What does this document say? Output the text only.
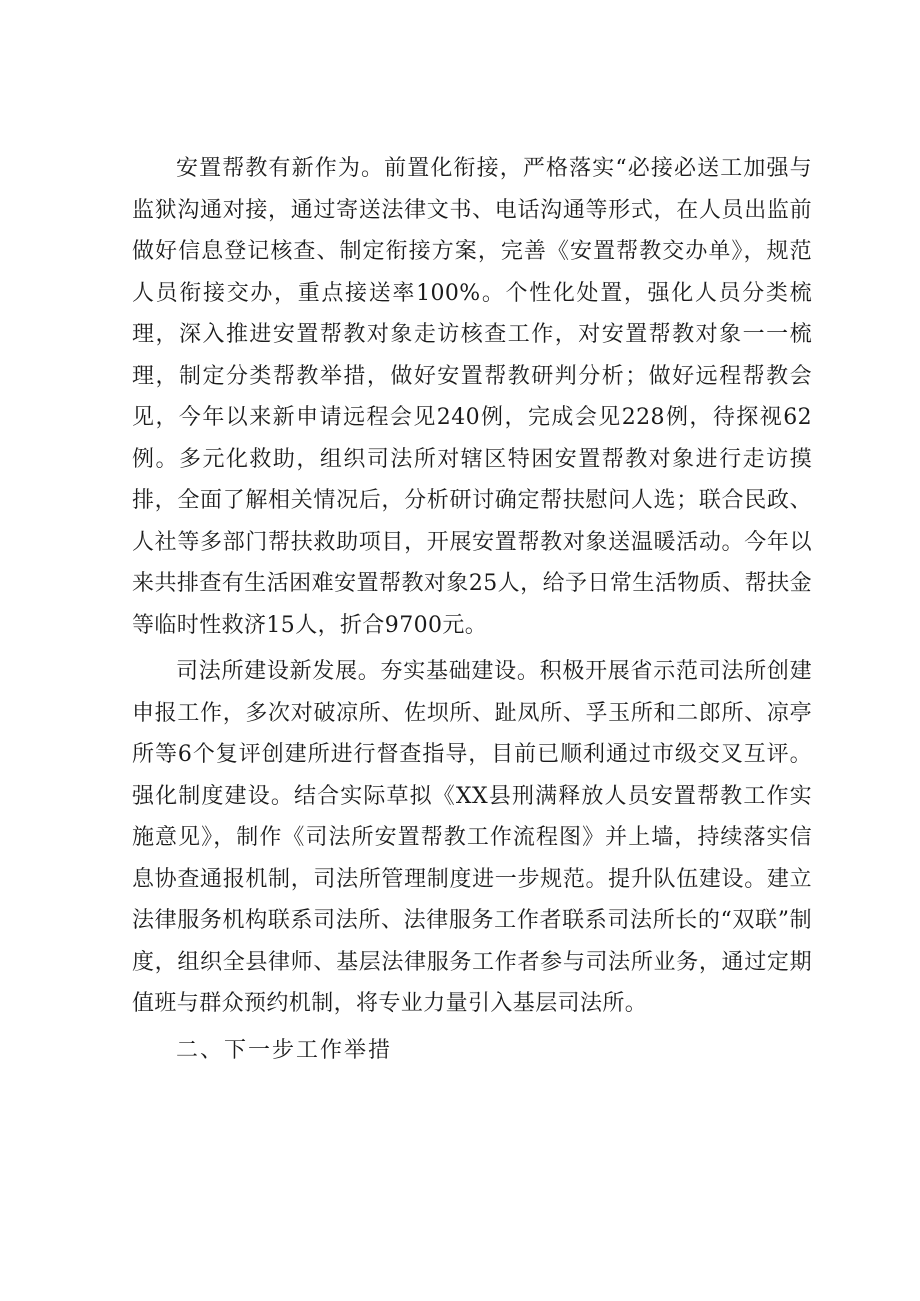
安置帮教有新作为。前置化衔接，严格落实“必接必送工加强与监狱沟通对接，通过寄送法律文书、电话沟通等形式，在人员出监前做好信息登记核查、制定衔接方案，完善《安置帮教交办单》，规范人员衔接交办，重点接送率100%。个性化处置，强化人员分类梳理，深入推进安置帮教对象走访核查工作，对安置帮教对象一一梳理，制定分类帮教举措，做好安置帮教研判分析；做好远程帮教会见，今年以来新申请远程会见240例，完成会见228例，待探视62例。多元化救助，组织司法所对辖区特困安置帮教对象进行走访摸排，全面了解相关情况后，分析研讨确定帮扶慰问人选；联合民政、人社等多部门帮扶救助项目，开展安置帮教对象送温暖活动。今年以来共排查有生活困难安置帮教对象25人，给予日常生活物质、帮扶金等临时性救济15人，折合9700元。

司法所建设新发展。夯实基础建设。积极开展省示范司法所创建申报工作，多次对破凉所、佐坝所、趾凤所、孚玉所和二郎所、凉亭所等6个复评创建所进行督查指导，目前已顺利通过市级交叉互评。强化制度建设。结合实际草拟《XX县刑满释放人员安置帮教工作实施意见》，制作《司法所安置帮教工作流程图》并上墙，持续落实信息协查通报机制，司法所管理制度进一步规范。提升队伍建设。建立法律服务机构联系司法所、法律服务工作者联系司法所长的“双联”制度，组织全县律师、基层法律服务工作者参与司法所业务，通过定期值班与群众预约机制，将专业力量引入基层司法所。

二、下一步工作举措
